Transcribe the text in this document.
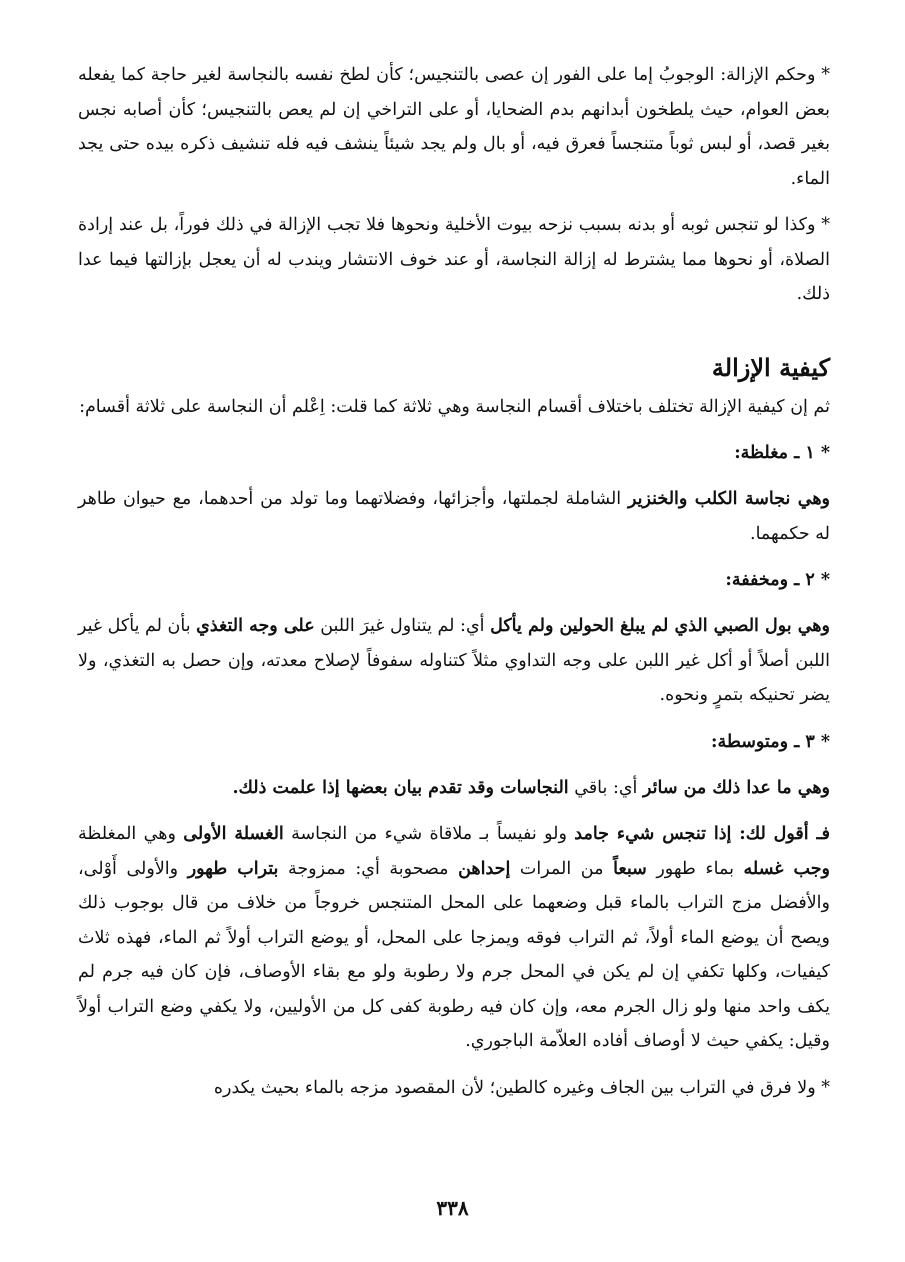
* وحكم الإزالة: الوجوبُ إما على الفور إن عصى بالتنجيس؛ كأن لطخ نفسه بالنجاسة لغير حاجة كما يفعله بعض العوام، حيث يلطخون أبدانهم بدم الضحايا، أو على التراخي إن لم يعص بالتنجيس؛ كأن أصابه نجس بغير قصد، أو لبس ثوباً متنجساً فعرق فيه، أو بال ولم يجد شيئاً ينشف فيه فله تنشيف ذكره بيده حتى يجد الماء.

* وكذا لو تنجس ثوبه أو بدنه بسبب نزحه بيوت الأخلية ونحوها فلا تجب الإزالة في ذلك فوراً، بل عند إرادة الصلاة، أو نحوها مما يشترط له إزالة النجاسة، أو عند خوف الانتشار ويندب له أن يعجل بإزالتها فيما عدا ذلك.

كيفية الإزالة

ثم إن كيفية الإزالة تختلف باختلاف أقسام النجاسة وهي ثلاثة كما قلت: اِعْلم أن النجاسة على ثلاثة أقسام:

* ١ ـ مغلظة:

وهي نجاسة الكلب والخنزير الشاملة لجملتها، وأجزائها، وفضلاتهما وما تولد من أحدهما، مع حيوان طاهر له حكمهما.

* ٢ ـ ومخففة:

وهي بول الصبي الذي لم يبلغ الحولين ولم يأكل أي: لم يتناول غيرَ اللبن على وجه التغذي بأن لم يأكل غير اللبن أصلاً أو أكل غير اللبن على وجه التداوي مثلاً كتناوله سفوفاً لإصلاح معدته، وإن حصل به التغذي، ولا يضر تحنيكه بتمرٍ ونحوه.

* ٣ ـ ومتوسطة:

وهي ما عدا ذلك من سائر أي: باقي النجاسات وقد تقدم بيان بعضها إذا علمت ذلك.

فـ أقول لك: إذا تنجس شيء جامد ولو نفيساً بـ ملاقاة شيء من النجاسة الغسلة الأولى وهي المغلظة وجب غسله بماء طهور سبعاً من المرات إحداهن مصحوبة أي: ممزوجة بتراب طهور والأولى أَوْلى، والأفضل مزج التراب بالماء قبل وضعهما على المحل المتنجس خروجاً من خلاف من قال بوجوب ذلك ويصح أن يوضع الماء أولاً، ثم التراب فوقه ويمزجا على المحل، أو يوضع التراب أولاً ثم الماء، فهذه ثلاث كيفيات، وكلها تكفي إن لم يكن في المحل جرم ولا رطوبة ولو مع بقاء الأوصاف، فإن كان فيه جرم لم يكف واحد منها ولو زال الجرم معه، وإن كان فيه رطوبة كفى كل من الأوليين، ولا يكفي وضع التراب أولاً وقيل: يكفي حيث لا أوصاف أفاده العلاّمة الباجوري.

* ولا فرق في التراب بين الجاف وغيره كالطين؛ لأن المقصود مزجه بالماء بحيث يكدره

٣٣٨
